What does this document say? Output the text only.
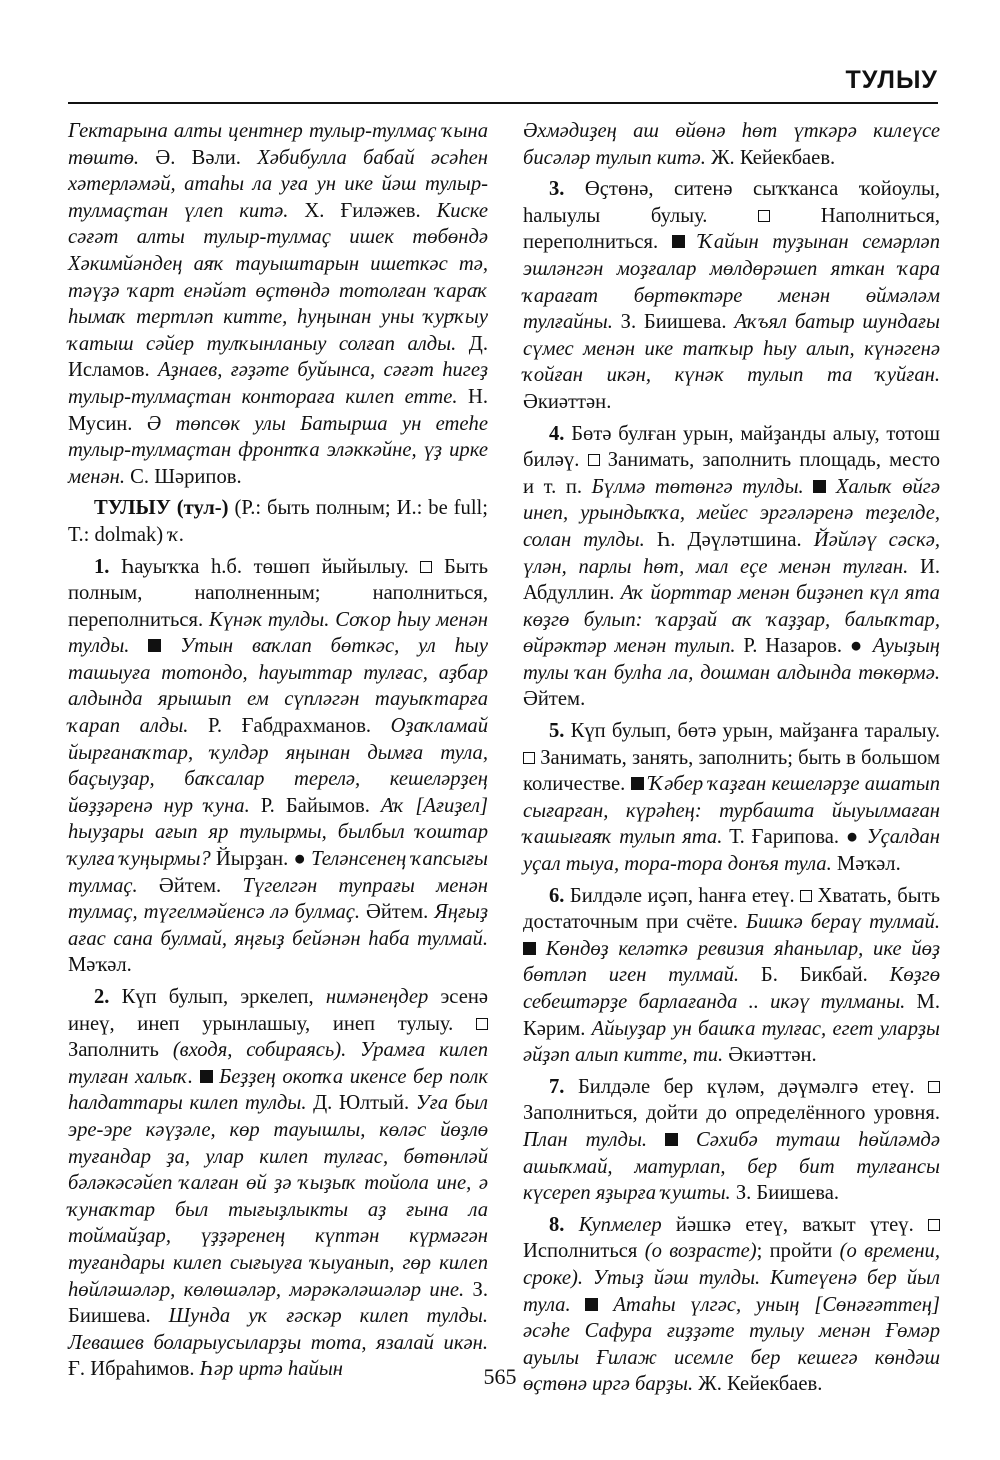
ТУЛЫУ

Гектарына алты центнер тулыр-тулмаҫ ҡына төштө. Ә. Вәли. Хәбибулла бабай әсәһен хәтерләмәй, атаһы ла уға ун ике йәш тулыр-тулмаҫтан үлеп китә. Х. Ғиләжев. Киске сәғәт алты тулыр-тулмаҫ ишек төбөндә Хәкимйәндең аяҡ тауыштарын ишеткәс тә, тәүҙә ҡарт енәйәт өҫтөндә тотолған ҡараҡ һымаҡ тертләп китте, һуңынан уны ҡурҡыу ҡатыш сәйер тулҡынланыу солғап алды. Д. Исламов. Аҙнаев, ғәҙәте буйынса, сәғәт һигеҙ тулыр-тулмаҫтан контораға килеп етте. Н. Мусин. Ә төпсөк улы Батырша ун етеһе тулыр-тулмаҫтан фронтҡа эләккәйне, үҙ ирке менән. С. Шәрипов.

ТУЛЫУ (тул-) (Р.: быть полным; И.: be full; Т.: dolmak) ҡ.

1. Һауыҡҡа һ.б. төшөп йыйылыу.  Быть полным, наполненным; наполниться, переполниться. Күнәк тулды. Соҡор һыу менән тулды. Утын ваҡлап бөткәс, ул һыу ташыуға тотондо, һауыттар тулғас, аҙбар алдында ярышып ем сүпләгән тауыҡтарға ҡарап алды. Р. Ғабдрахманов. Оҙаҡламай йырғанаҡтар, ҡулдәр яңынан дымға тула, баҫыуҙар, баҡсалар терелә, кешеләрҙең йөҙҙәренә нур ҡуна. Р. Байымов. Аҡ [Ағиҙел] һыуҙары ағып яр тулырмы, былбыл ҡоштар ҡулға ҡуңырмы? Йырҙан. ● Теләнсенең ҡапсығы тулмаҫ. Әйтем. Түгелгән тупрағы менән тулмаҫ, түгелмәйенсә лә булмаҫ. Әйтем. Яңғыҙ ағас сана булмай, яңғыҙ бейәнән һаба тулмай. Мәҡәл.

2. Күп булып, эркелеп, нимәнеңдер эсенә инеү, инеп урынлашыу, инеп тулыу.  Заполнить (входя, собираясь). Урамға килеп тулған халыҡ. Беҙҙең окопҡа икенсе бер полк һалдаттары килеп тулды. Д. Юлтый. Уға был эре-эре кәүҙәле, көр тауышлы, көләс йөҙлө туғандар ҙа, улар килеп тулғас, бөтөнләй бәләкәсәйеп ҡалған өй ҙә ҡыҙыҡ тойола ине, ә ҡунаҡтар был тығыҙлыкты аҙ ғына ла тоймайҙар, үҙҙәренең күптән күрмәгән туғандары килеп сығыуға ҡыуанып, гөр килеп һөйләшәләр, көлөшәләр, мәрәкәләшәләр ине. З. Биишева. Шунда уҡ ғәскәр килеп тулды. Левашев боларыусыларҙы тота, язалай икән. Ғ. Ибраһимов. Һәр иртә һайын

Әхмәдиҙең аш өйөнә һөт үткәрә килеүсе бисәләр тулып китә. Ж. Кейекбаев.

3. Өҫтөнә, ситенә сыҡҡанса ҡойоулы, һалыулы булыу.  Наполниться, переполниться.  Ҡайын туҙынан семәрләп эшләнгән моҙғалар мөлдөрәшеп яткан ҡара ҡарағат бөртөктәре менән өймәләм тулғайны. З. Биишева. Аҡъял батыр шундағы сүмес менән ике тапҡыр һыу алып, күнәгенә ҡойған икән, күнәк тулып та ҡуйған. Әкиәттән.

4. Бөтә булған урын, майҙанды алыу, тотош биләү.  Занимать, заполнить площадь, место и т. п. Бүлмә төтөнгә тулды. Халыҡ өйгә инеп, урындыҡҡа, мейес эргәләренә теҙелде, солан тулды. Һ. Дәүләтшина. Йәйләү сәскә, үлән, парлы һөт, мал еҫе менән тулған. И. Абдуллин. Аҡ йорттар менән биҙәнеп күл ята көҙгө булып: ҡарҙай аҡ ҡаҙҙар, балыҡтар, өйрәктәр менән тулып. Р. Назаров. ● Ауыҙың тулы ҡан булһа ла, дошман алдында төкөрмә. Әйтем.

5. Күп булып, бөтә урын, майҙанға таралыу.  Занимать, занять, заполнить; быть в большом количестве.  Ҡәбер ҡаҙған кешеләрҙе ашатып сығарған, күрәһең: турбашта йыуылмаған ҡашығаяҡ тулып ята. Т. Ғарипова. ● Уҫалдан уҫал тыуа, тора-тора донъя тула. Мәҡәл.

6. Билдәле иҫәп, һанға етеү.  Хватать, быть достаточным при счёте. Бишкә бераү тулмай.  Көндөҙ келәткә ревизия яһанылар, ике йөҙ бөтләп иген тулмай. Б. Бикбай. Көҙгө себештәрҙе барлағанда .. икәү тулманы. М. Кәрим. Айыуҙар ун башҡа тулғас, егет уларҙы әйҙәп алып китте, ти. Әкиәттән.

7. Билдәле бер күләм, дәүмәлгә етеү.  Заполниться, дойти до определённого уровня. План тулды. Сәхибә туташ һөйләмдә ашыҡмай, матурлап, бер бит тулғансы күсереп яҙырға ҡушты. З. Биишева.

8. Купмелер йәшкә етеү, ваҡыт үтеү.  Исполниться (о возрасте); пройти (о времени, сроке). Утыҙ йәш тулды. Китеүенә бер йыл тула. Атаһы үлгәс, уның [Сөнәғәттең] әсәһе Сафура ғиҙҙәте тулыу менән Ғөмәр ауылы Ғилаж исемле бер кешегә көндәш өҫтөнә иргә барҙы. Ж. Кейекбаев.

565
